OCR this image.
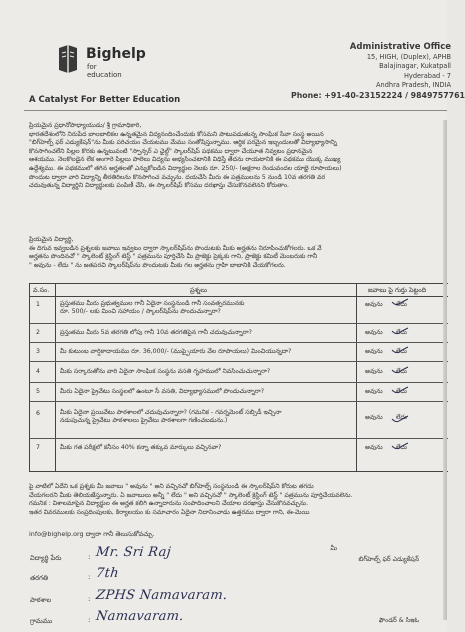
Bighelp
for education
A Catalyst For Better Education
Administrative Office
15, HIGH, (Duplex), APHB
Balajinagar, Kukatpall
Hyderabad - 7
Andhra Pradesh, INDIA
Phone: +91-40-23152224 / 9849757761
ప్రియమైన ప్రధానోపాధ్యాయుడు/ శ్రీ గ్రామాధికారి,
భారతదేశంలోని నిరుపేద బాలబాలికల ఉన్నతమైన విద్యనందించేందుకు కోసమని పాటుపడుతున్న సాంఘిక సేవా సంస్థ అయిన
"బిగ్‌హెల్ప్ ఫర్ ఎడ్యుకేషన్"ను మీకు పరిచయం చేయటము మేము సంతోషిస్తున్నాము. ఆర్థిక పరమైన ఇబ్బందులతో విద్యాభ్యాసాన్ని
కొనసాగించలేని పిల్లల కొరకు ఉన్నటువంటి "స్పాన్సర్ ఎ ఛైల్డ్" స్కాలర్‌షిప్ పథకము ద్వారా చేయూత నివ్వటం ప్రధానమైన
ఆశయము. నెలకొలడైన లేక అంగారె పిల్లలు పాలెలు విద్యను అభ్యసించటానికి విధిస్తే తేదను రాయటానికి ఈ పథకము యొక్క ముఖ్య
ఉద్దేశ్యము. ఈ పథకములో తగిన అర్హతలతో ఎన్నుకోబడిన విద్యార్థుల నెలకు రూ. 250/- (అక్షరాల రెండువందల యాభై రూపాయలు)
పొందుట ద్వారా వారి విద్యాన్ని తీరతిరిలను కొనసాగించ వచ్చును. దయచేసి మీరు ఈ పత్రములను 5 నుండి 10వ తరగతి వర
చదువుతున్న విద్యార్థిని విద్యార్థులకు పంపిణీ చేసి, ఈ స్కాలర్‌షిప్ కోసము దరఖాస్తు చేసుకొనవలెనని కోరుతాం.
ప్రియమైన విద్యార్థి,
ఈ దిగువ ఇవ్వబడిన ప్రశ్నలకు జవాబు ఇవ్వటం ద్వారా స్కాలర్‌షిప్‌ను పొందుటకు మీకు అర్హతను నిరూపించుకోగలరు. ఒక వే
అర్హతను పొందినచో " స్కాలెంట్ క్రెస్టింగ్ టెస్ట్ " పత్రమును పూర్తిచేసి మీ ప్రాజెక్టు ప్రెక్కకు గాని, ప్రాజెక్టు కమిటీ మెంబరుకు గానీ
" అవును - లేదు " ను జతపరచి స్కాలర్‌షిప్‌ను పొందుటకు మీకు గల అర్హతను గ్రాహి బాబానికి చేయకోగలరు.
వ.సం.	ప్రశ్నలు	జవాబు పై గుర్తు పెట్టంది
1	ప్రస్తుతము మీరు ప్రభుత్వముల గానీ ఏదైనా సంస్థనుండి గానీ సంవత్సరమునకు
రూ. 500/- లకు మించి సహాయం / స్కాలర్‌షిప్‌ను పొందుచున్నారా?
అవును లేదు
2	ప్రస్తుతము మీరు 5వ తరగతి లోపు గానీ 10వ తరగతిపైన గానీ చదువుచున్నారా?	అవును లేదు
3	మీ కుటుంబ వార్షికాదాయము రూ. 36,000/- (ముప్పైయారు వేల రూపాయలు) మించియున్నదా?	అవును లేదు
4	మీకు సర్కారుతోను వారి ఏదైనా సాంఘిక సంస్థను వసతి గృహములో నివసించుచున్నారా?	అవును లేదు
5	మీరు ఏదైనా ప్రైవేటు సంస్థలలో ఉంటూ సీ వసతి, విద్యాభ్యాసములో పొందుచున్నారా?	అవును లేదు
6	మీకు ఏదైనా ప్రయివేటు పాఠశాలలో చదువుచున్నారా? (గమనిక - గవర్నమెంట్ సబ్సిడీ ఇచ్చినా
నడుపుచున్న ప్రైవేటు పాఠశాలలు ప్రైవేటు పాఠశాలగా గణించబడును.)	అవును లేదు
7	మీకు గత పరీక్షలో కనీసం 40% కన్నా తక్కువ మార్కులు వచ్చినవా?	అవును లేదు
పై వాటిలో ఏదేని ఒక ప్రశ్నకు మీ జవాబు " అవును " అని వచ్చినచో బిగ్‌హెల్ప్ సంస్థనుండి ఈ స్కాలర్‌షిప్‌ని కోరుట తగదు
చేయగలరని మీకు తెలియజేస్తున్నారు. ఏ జవాబులు అన్నీ " లేదు " అని వచ్చినచో " స్కాలెంట్ క్రెస్టింగ్ టెస్ట్ " పత్రమును పూర్తిచేయవలెను.
గమనిక : విశాలమాపైన విద్యార్థుల ఈ అర్హత కలిగి ఉన్నాదారును సంపాదించాలని చేయాల దరఖాస్తు చేసుకొనవచ్చును.
ఇతర వివరములకు సంప్రదింపులకు, కిర్యాలయం కు సమాచారం ఏదైనా నిదానించాడు ఉత్తరము ద్వారా గాని, ఈ-మెయి
info@bighelp.org ద్వారా గానీ తెలుసుకోవచ్చు.
విద్యార్థి పేరు	: Mr. Sri Raj
తరగతి	: 7th
పాఠశాల	: ZPHS Namavaram.
గ్రామము	: Namavaram.
మీ
బిగ్‌హెల్ప్ ఫర్ ఎడ్యుకేషన్
ఫౌండర్ & సిఇఓ
